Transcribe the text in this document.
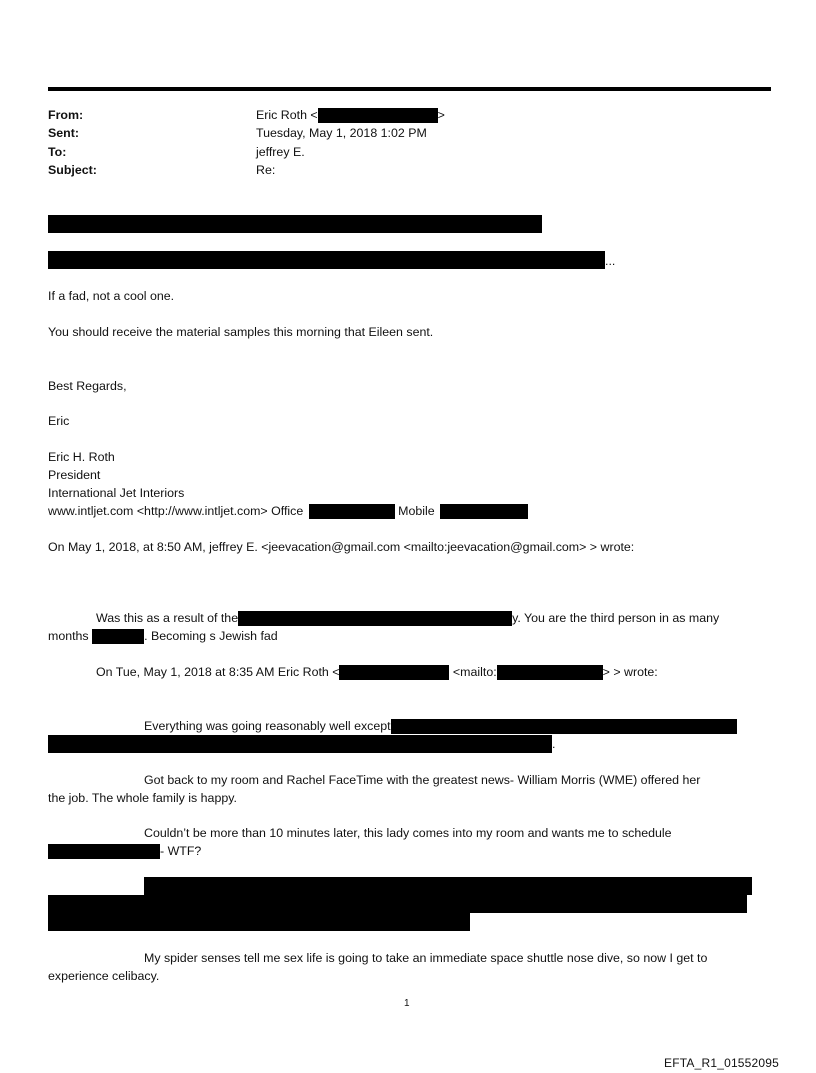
From:	Eric Roth <	>
Sent:	Tuesday, May 1, 2018 1:02 PM
To:	jeffrey E.
Subject:	Re:
...
If a fad, not a cool one.
You should receive the material samples this morning that Eileen sent.
Best Regards,
Eric
Eric H. Roth
President
International Jet Interiors
www.intljet.com <http://www.intljet.com> Office	Mobile
On May 1, 2018, at 8:50 AM, jeffrey E. <jeevacation@gmail.com <mailto:jeevacation@gmail.com> > wrote:
Was this as a result of the	y. You are the third person in as many
months	. Becoming s Jewish fad
On Tue, May 1, 2018 at 8:35 AM Eric Roth <	<mailto:	> > wrote:
Everything was going reasonably well except
.
Got back to my room and Rachel FaceTime with the greatest news- William Morris (WME) offered her
the job. The whole family is happy.
Couldn’t be more than 10 minutes later, this lady comes into my room and wants me to schedule
- WTF?
My spider senses tell me sex life is going to take an immediate space shuttle nose dive, so now I get to
experience celibacy.
1
EFTA_R1_01552095
